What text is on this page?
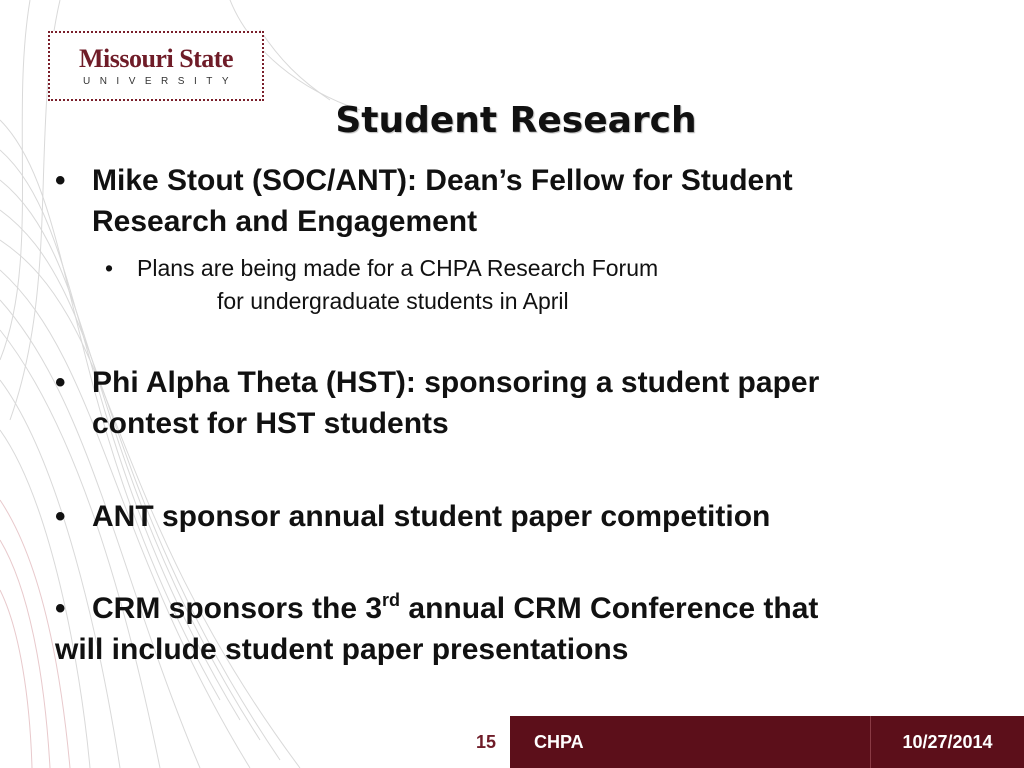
Missouri State
UNIVERSITY
Student Research
• Mike Stout (SOC/ANT): Dean’s Fellow for Student
Research and Engagement
•	Plans are being made for a CHPA Research Forum
for undergraduate students in April
• Phi Alpha Theta (HST): sponsoring a student paper
contest for HST students
• ANT sponsor annual student paper competition
• CRM sponsors the 3rd annual CRM Conference that
will include student paper presentations
15	CHPA	10/27/2014
